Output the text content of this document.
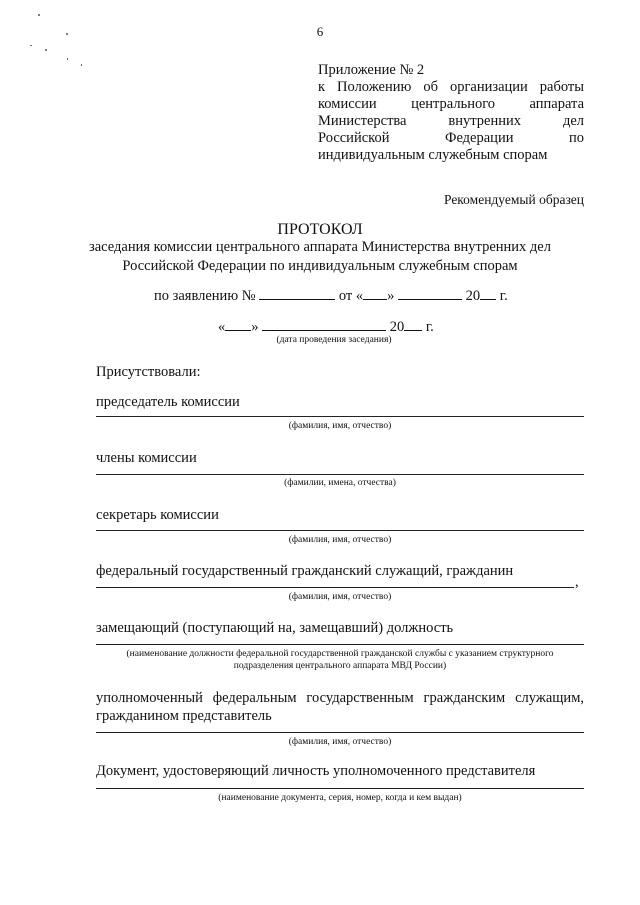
6
Приложение № 2
к Положению об организации работы
комиссии центрального аппарата
Министерства внутренних дел
Российской Федерации по
индивидуальным служебным спорам
Рекомендуемый образец
ПРОТОКОЛ
заседания комиссии центрального аппарата Министерства внутренних дел
Российской Федерации по индивидуальным служебным спорам
по заявлению №	от « »	20 г.
« »	20 г.
(дата проведения заседания)
Присутствовали:
председатель комиссии
(фамилия, имя, отчество)
члены комиссии
(фамилии, имена, отчества)
секретарь комиссии
(фамилия, имя, отчество)
федеральный государственный гражданский служащий, гражданин
,
(фамилия, имя, отчество)
замещающий (поступающий на, замещавший) должность
(наименование должности федеральной государственной гражданской службы с указанием структурного
подразделения центрального аппарата МВД России)
уполномоченный федеральным государственным гражданским служащим,
гражданином представитель
(фамилия, имя, отчество)
Документ, удостоверяющий личность уполномоченного представителя
(наименование документа, серия, номер, когда и кем выдан)
